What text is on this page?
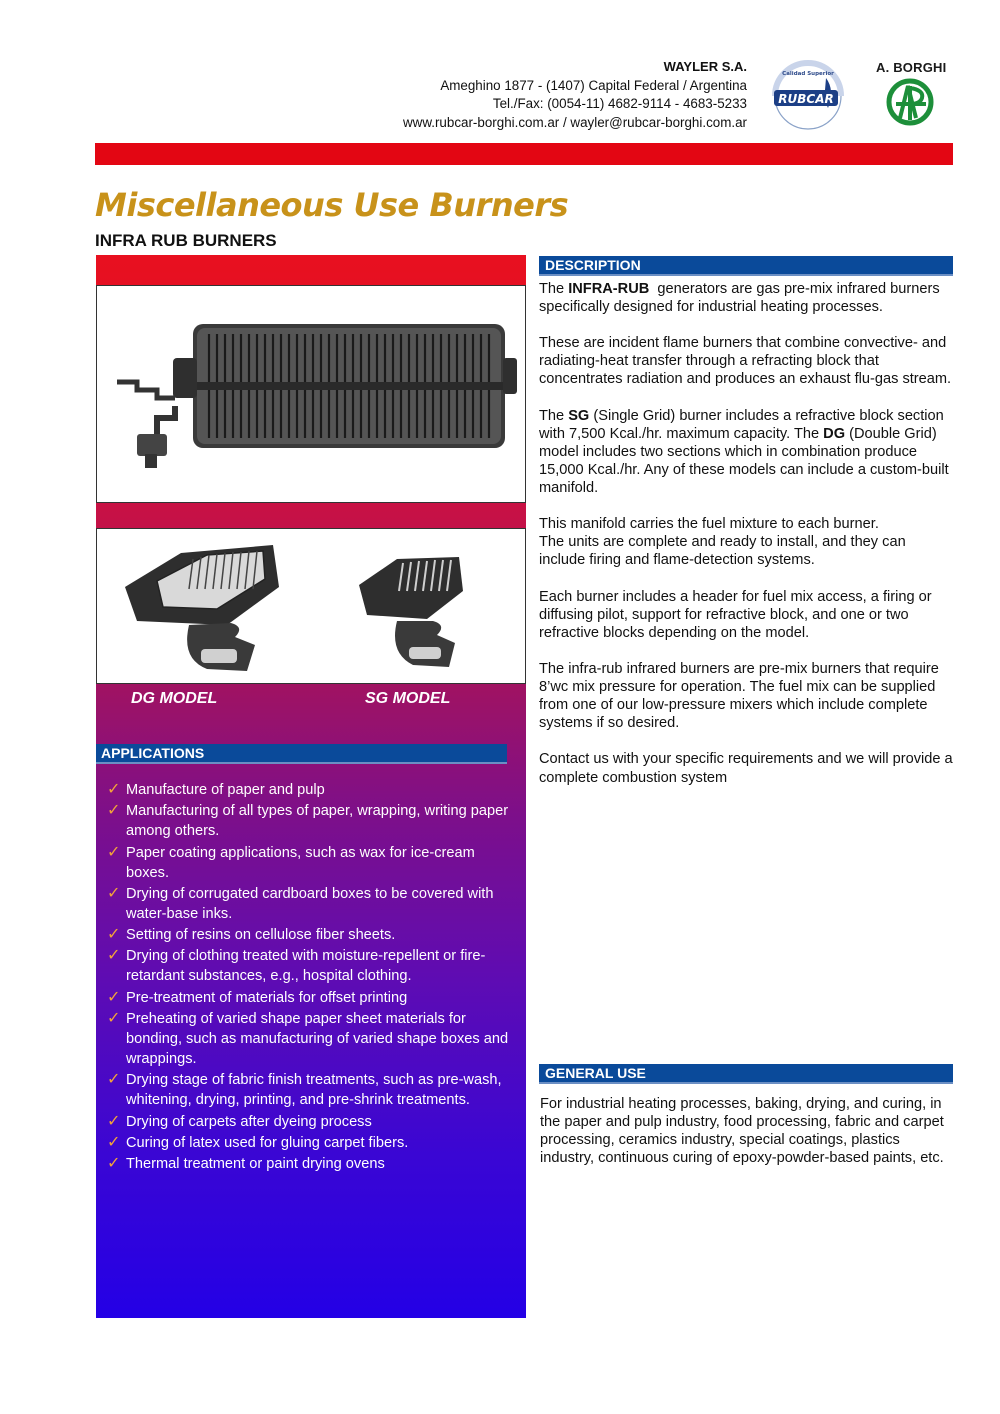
WAYLER S.A.
Ameghino 1877 - (1407) Capital Federal / Argentina
Tel./Fax: (0054-11) 4682-9114 - 4683-5233
www.rubcar-borghi.com.ar / wayler@rubcar-borghi.com.ar
Calidad Superior
RUBCAR
A. BORGHI
Miscellaneous Use Burners
INFRA RUB BURNERS
DG MODEL	SG MODEL
APPLICATIONS
✓ Manufacture of paper and pulp
✓ Manufacturing of all types of paper, wrapping, writing paper among others.
✓ Paper coating applications, such as wax for ice-cream boxes.
✓ Drying of corrugated cardboard boxes to be covered with water-base inks.
✓ Setting of resins on cellulose fiber sheets.
✓ Drying of clothing treated with moisture-repellent or fire-retardant substances, e.g., hospital clothing.
✓ Pre-treatment of materials for offset printing
✓ Preheating of varied shape paper sheet materials for bonding, such as manufacturing of varied shape boxes and wrappings.
✓ Drying stage of fabric finish treatments, such as pre-wash, whitening, drying, printing, and pre-shrink treatments.
✓ Drying of carpets after dyeing process
✓ Curing of latex used for gluing carpet fibers.
✓ Thermal treatment or paint drying ovens
DESCRIPTION

The INFRA-RUB  generators are gas pre-mix infrared burners specifically designed for industrial heating processes.

These are incident flame burners that combine convective- and radiating-heat transfer through a refracting block that concentrates radiation and produces an exhaust flu-gas stream.

The SG (Single Grid) burner includes a refractive block section with 7,500 Kcal./hr. maximum capacity. The DG (Double Grid) model includes two sections which in combination produce 15,000 Kcal./hr. Any of these models can include a custom-built manifold.

This manifold carries the fuel mixture to each burner.
The units are complete and ready to install, and they can include firing and flame-detection systems.

Each burner includes a header for fuel mix access, a firing or diffusing pilot, support for refractive block, and one or two refractive blocks depending on the model.

The infra-rub infrared burners are pre-mix burners that require 8’wc mix pressure for operation. The fuel mix can be supplied from one of our low-pressure mixers which include complete systems if so desired.

Contact us with your specific requirements and we will provide a complete combustion system

GENERAL USE

For industrial heating processes, baking, drying, and curing, in the paper and pulp industry, food processing, fabric and carpet processing, ceramics industry, special coatings, plastics industry, continuous curing of epoxy-powder-based paints, etc.
